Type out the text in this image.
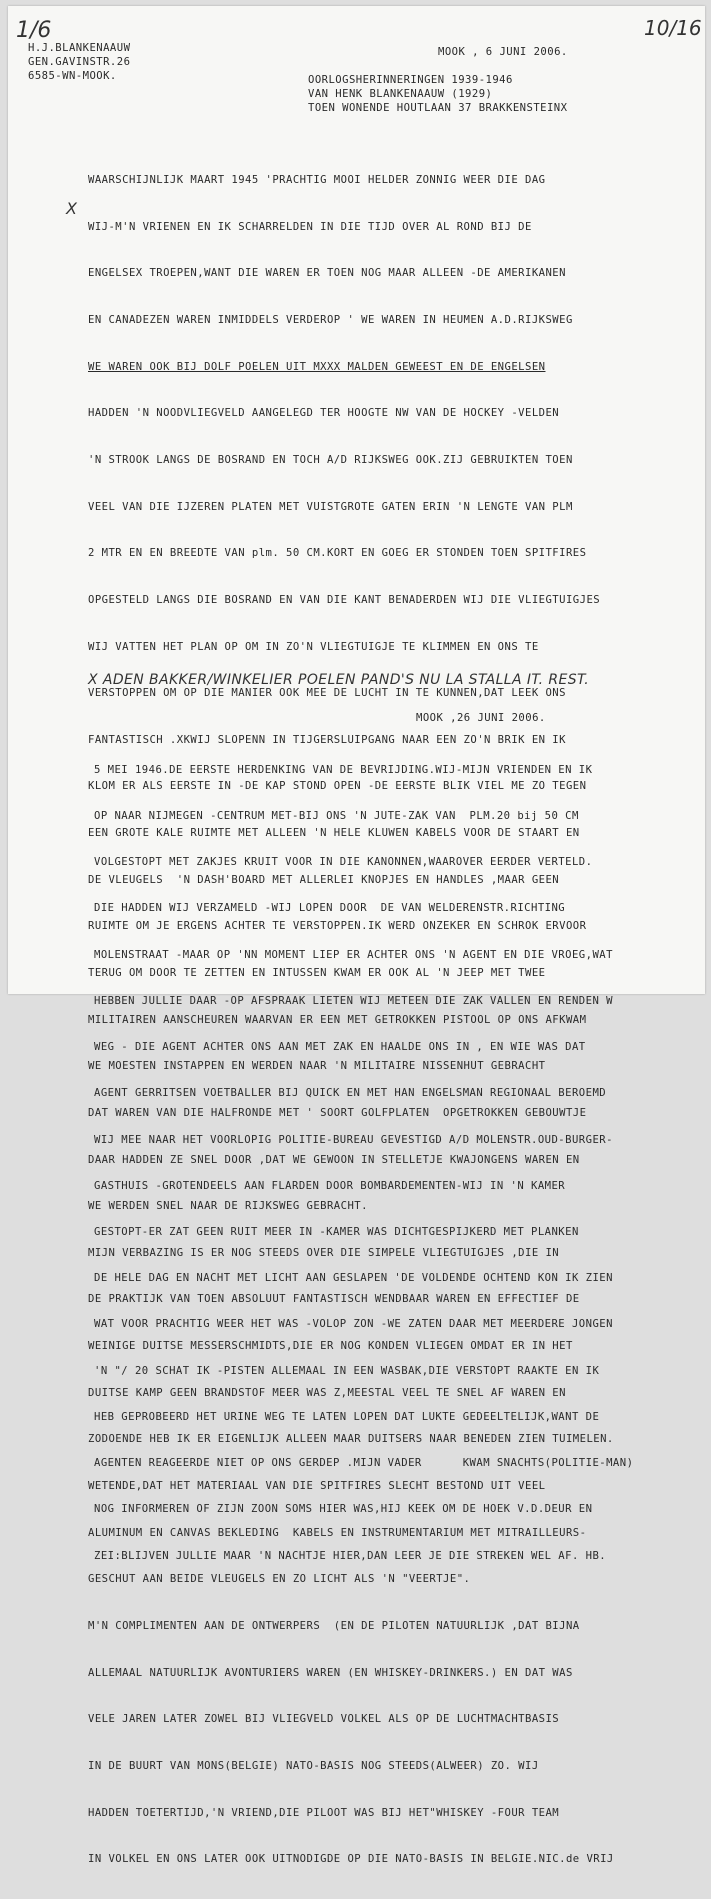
1/6	10/16
H.J.BLANKENAAUW
GEN.GAVINSTR.26
6585-WN-MOOK.
MOOK , 6 JUNI 2006.
OORLOGSHERINNERINGEN 1939-1946
VAN HENK BLANKENAAUW (1929)
TOEN WONENDE HOUTLAAN 37 BRAKKENSTEINX
X

WAARSCHIJNLIJK MAART 1945 'PRACHTIG MOOI HELDER ZONNIG WEER DIE DAG

WIJ-M'N VRIENEN EN IK SCHARRELDEN IN DIE TIJD OVER AL ROND BIJ DE

ENGELSEX TROEPEN,WANT DIE WAREN ER TOEN NOG MAAR ALLEEN -DE AMERIKANEN

EN CANADEZEN WAREN INMIDDELS VERDEROP ' WE WAREN IN HEUMEN A.D.RIJKSWEG

WE WAREN OOK BIJ DOLF POELEN UIT MXXX MALDEN GEWEEST EN DE ENGELSEN

HADDEN 'N NOODVLIEGVELD AANGELEGD TER HOOGTE NW VAN DE HOCKEY -VELDEN

'N STROOK LANGS DE BOSRAND EN TOCH A/D RIJKSWEG OOK.ZIJ GEBRUIKTEN TOEN

VEEL VAN DIE IJZEREN PLATEN MET VUISTGROTE GATEN ERIN 'N LENGTE VAN PLM

2 MTR EN EN BREEDTE VAN plm. 50 CM.KORT EN GOEG ER STONDEN TOEN SPITFIRES

OPGESTELD LANGS DIE BOSRAND EN VAN DIE KANT BENADERDEN WIJ DIE VLIEGTUIGJES

WIJ VATTEN HET PLAN OP OM IN ZO'N VLIEGTUIGJE TE KLIMMEN EN ONS TE

VERSTOPPEN OM OP DIE MANIER OOK MEE DE LUCHT IN TE KUNNEN,DAT LEEK ONS

FANTASTISCH .XKWIJ SLOPENN IN TIJGERSLUIPGANG NAAR EEN ZO'N BRIK EN IK

KLOM ER ALS EERSTE IN -DE KAP STOND OPEN -DE EERSTE BLIK VIEL ME ZO TEGEN

EEN GROTE KALE RUIMTE MET ALLEEN 'N HELE KLUWEN KABELS VOOR DE STAART EN

DE VLEUGELS  'N DASH'BOARD MET ALLERLEI KNOPJES EN HANDLES ,MAAR GEEN

RUIMTE OM JE ERGENS ACHTER TE VERSTOPPEN.IK WERD ONZEKER EN SCHROK ERVOOR

TERUG OM DOOR TE ZETTEN EN INTUSSEN KWAM ER OOK AL 'N JEEP MET TWEE

MILITAIREN AANSCHEUREN WAARVAN ER EEN MET GETROKKEN PISTOOL OP ONS AFKWAM

WE MOESTEN INSTAPPEN EN WERDEN NAAR 'N MILITAIRE NISSENHUT GEBRACHT

DAT WAREN VAN DIE HALFRONDE MET ' SOORT GOLFPLATEN  OPGETROKKEN GEBOUWTJE

DAAR HADDEN ZE SNEL DOOR ,DAT WE GEWOON IN STELLETJE KWAJONGENS WAREN EN

WE WERDEN SNEL NAAR DE RIJKSWEG GEBRACHT.

MIJN VERBAZING IS ER NOG STEEDS OVER DIE SIMPELE VLIEGTUIGJES ,DIE IN

DE PRAKTIJK VAN TOEN ABSOLUUT FANTASTISCH WENDBAAR WAREN EN EFFECTIEF DE

WEINIGE DUITSE MESSERSCHMIDTS,DIE ER NOG KONDEN VLIEGEN OMDAT ER IN HET

DUITSE KAMP GEEN BRANDSTOF MEER WAS Z,MEESTAL VEEL TE SNEL AF WAREN EN

ZODOENDE HEB IK ER EIGENLIJK ALLEEN MAAR DUITSERS NAAR BENEDEN ZIEN TUIMELEN.

WETENDE,DAT HET MATERIAAL VAN DIE SPITFIRES SLECHT BESTOND UIT VEEL

ALUMINUM EN CANVAS BEKLEDING  KABELS EN INSTRUMENTARIUM MET MITRAILLEURS-

GESCHUT AAN BEIDE VLEUGELS EN ZO LICHT ALS 'N "VEERTJE".

M'N COMPLIMENTEN AAN DE ONTWERPERS  (EN DE PILOTEN NATUURLIJK ,DAT BIJNA

ALLEMAAL NATUURLIJK AVONTURIERS WAREN (EN WHISKEY-DRINKERS.) EN DAT WAS

VELE JAREN LATER ZOWEL BIJ VLIEGVELD VOLKEL ALS OP DE LUCHTMACHTBASIS

IN DE BUURT VAN MONS(BELGIE) NATO-BASIS NOG STEEDS(ALWEER) ZO. WIJ

HADDEN TOETERTIJD,'N VRIEND,DIE PILOOT WAS BIJ HET"WHISKEY -FOUR TEAM

IN VOLKEL EN ONS LATER OOK UITNODIGDE OP DIE NATO-BASIS IN BELGIE.NIC.de VRIJ

X ADEN BAKKER/WINKELIER POELEN PAND'S NU LA STALLA IT. REST.
MOOK ,26 JUNI 2006.

5 MEI 1946.DE EERSTE HERDENKING VAN DE BEVRIJDING.WIJ-MIJN VRIENDEN EN IK

OP NAAR NIJMEGEN -CENTRUM MET-BIJ ONS 'N JUTE-ZAK VAN  PLM.20 bij 50 CM

VOLGESTOPT MET ZAKJES KRUIT VOOR IN DIE KANONNEN,WAAROVER EERDER VERTELD.

DIE HADDEN WIJ VERZAMELD -WIJ LOPEN DOOR  DE VAN WELDERENSTR.RICHTING

MOLENSTRAAT -MAAR OP 'NN MOMENT LIEP ER ACHTER ONS 'N AGENT EN DIE VROEG,WAT

HEBBEN JULLIE DAAR -OP AFSPRAAK LIETEN WIJ METEEN DIE ZAK VALLEN EN RENDEN W

WEG - DIE AGENT ACHTER ONS AAN MET ZAK EN HAALDE ONS IN , EN WIE WAS DAT

AGENT GERRITSEN VOETBALLER BIJ QUICK EN MET HAN ENGELSMAN REGIONAAL BEROEMD

WIJ MEE NAAR HET VOORLOPIG POLITIE-BUREAU GEVESTIGD A/D MOLENSTR.OUD-BURGER-

GASTHUIS -GROTENDEELS AAN FLARDEN DOOR BOMBARDEMENTEN-WIJ IN 'N KAMER

GESTOPT-ER ZAT GEEN RUIT MEER IN -KAMER WAS DICHTGESPIJKERD MET PLANKEN

DE HELE DAG EN NACHT MET LICHT AAN GESLAPEN 'DE VOLDENDE OCHTEND KON IK ZIEN

WAT VOOR PRACHTIG WEER HET WAS -VOLOP ZON -WE ZATEN DAAR MET MEERDERE JONGEN

'N "/ 20 SCHAT IK -PISTEN ALLEMAAL IN EEN WASBAK,DIE VERSTOPT RAAKTE EN IK

HEB GEPROBEERD HET URINE WEG TE LATEN LOPEN DAT LUKTE GEDEELTELIJK,WANT DE

AGENTEN REAGEERDE NIET OP ONS GERDEP .MIJN VADER      KWAM SNACHTS(POLITIE-MAN)

NOG INFORMEREN OF ZIJN ZOON SOMS HIER WAS,HIJ KEEK OM DE HOEK V.D.DEUR EN

ZEI:BLIJVEN JULLIE MAAR 'N NACHTJE HIER,DAN LEER JE DIE STREKEN WEL AF. HB.
